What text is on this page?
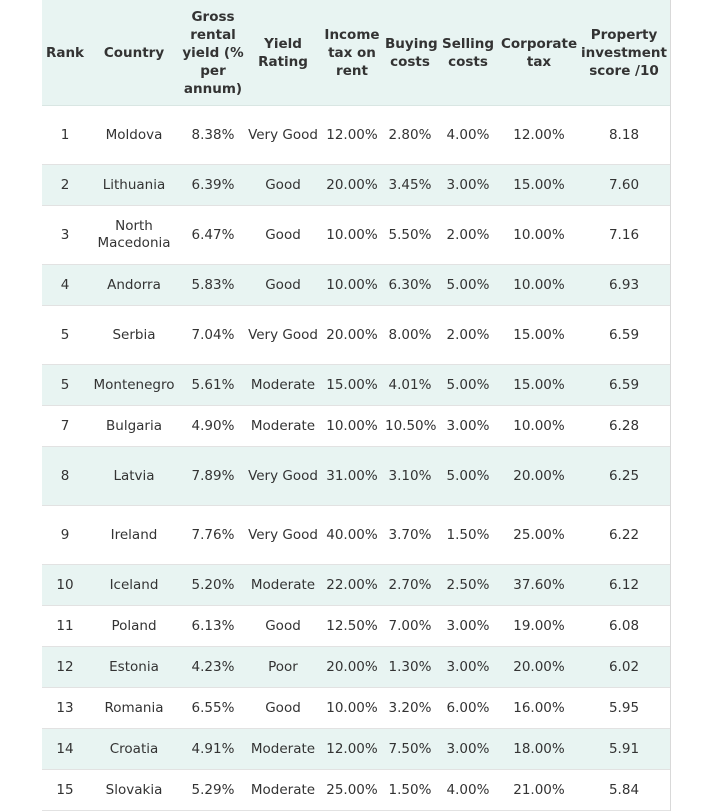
Rank	Country	Gross rental yield (% per annum)	Yield Rating	Income tax on rent	Buying costs	Selling costs	Corporate tax	Property investment score /10
1	Moldova	8.38%	Very Good	12.00%	2.80%	4.00%	12.00%	8.18
2	Lithuania	6.39%	Good	20.00%	3.45%	3.00%	15.00%	7.60
3	North Macedonia	6.47%	Good	10.00%	5.50%	2.00%	10.00%	7.16
4	Andorra	5.83%	Good	10.00%	6.30%	5.00%	10.00%	6.93
5	Serbia	7.04%	Very Good	20.00%	8.00%	2.00%	15.00%	6.59
5	Montenegro	5.61%	Moderate	15.00%	4.01%	5.00%	15.00%	6.59
7	Bulgaria	4.90%	Moderate	10.00%	10.50%	3.00%	10.00%	6.28
8	Latvia	7.89%	Very Good	31.00%	3.10%	5.00%	20.00%	6.25
9	Ireland	7.76%	Very Good	40.00%	3.70%	1.50%	25.00%	6.22
10	Iceland	5.20%	Moderate	22.00%	2.70%	2.50%	37.60%	6.12
11	Poland	6.13%	Good	12.50%	7.00%	3.00%	19.00%	6.08
12	Estonia	4.23%	Poor	20.00%	1.30%	3.00%	20.00%	6.02
13	Romania	6.55%	Good	10.00%	3.20%	6.00%	16.00%	5.95
14	Croatia	4.91%	Moderate	12.00%	7.50%	3.00%	18.00%	5.91
15	Slovakia	5.29%	Moderate	25.00%	1.50%	4.00%	21.00%	5.84
